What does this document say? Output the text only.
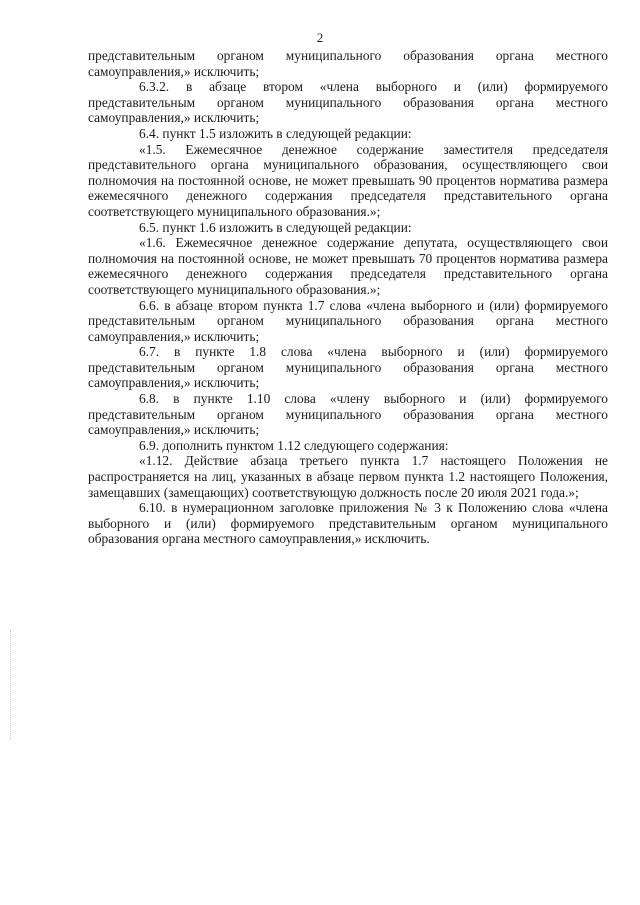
2

представительным органом муниципального образования органа местного самоуправления,» исключить;

6.3.2. в абзаце втором «члена выборного и (или) формируемого представительным органом муниципального образования органа местного самоуправления,» исключить;

6.4. пункт 1.5 изложить в следующей редакции:

«1.5. Ежемесячное денежное содержание заместителя председателя представительного органа муниципального образования, осуществляющего свои полномочия на постоянной основе, не может превышать 90 процентов норматива размера ежемесячного денежного содержания председателя представительного органа соответствующего муниципального образования.»;

6.5. пункт 1.6 изложить в следующей редакции:

«1.6. Ежемесячное денежное содержание депутата, осуществляющего свои полномочия на постоянной основе, не может превышать 70 процентов норматива размера ежемесячного денежного содержания председателя представительного органа соответствующего муниципального образования.»;

6.6. в абзаце втором пункта 1.7 слова «члена выборного и (или) формируемого представительным органом муниципального образования органа местного самоуправления,» исключить;

6.7. в пункте 1.8 слова «члена выборного и (или) формируемого представительным органом муниципального образования органа местного самоуправления,» исключить;

6.8. в пункте 1.10 слова «члену выборного и (или) формируемого представительным органом муниципального образования органа местного самоуправления,» исключить;

6.9. дополнить пунктом 1.12 следующего содержания:

«1.12. Действие абзаца третьего пункта 1.7 настоящего Положения не распространяется на лиц, указанных в абзаце первом пункта 1.2 настоящего Положения, замещавших (замещающих) соответствующую должность после 20 июля 2021 года.»;

6.10. в нумерационном заголовке приложения № 3 к Положению слова «члена выборного и (или) формируемого представительным органом муниципального образования органа местного самоуправления,» исключить.
